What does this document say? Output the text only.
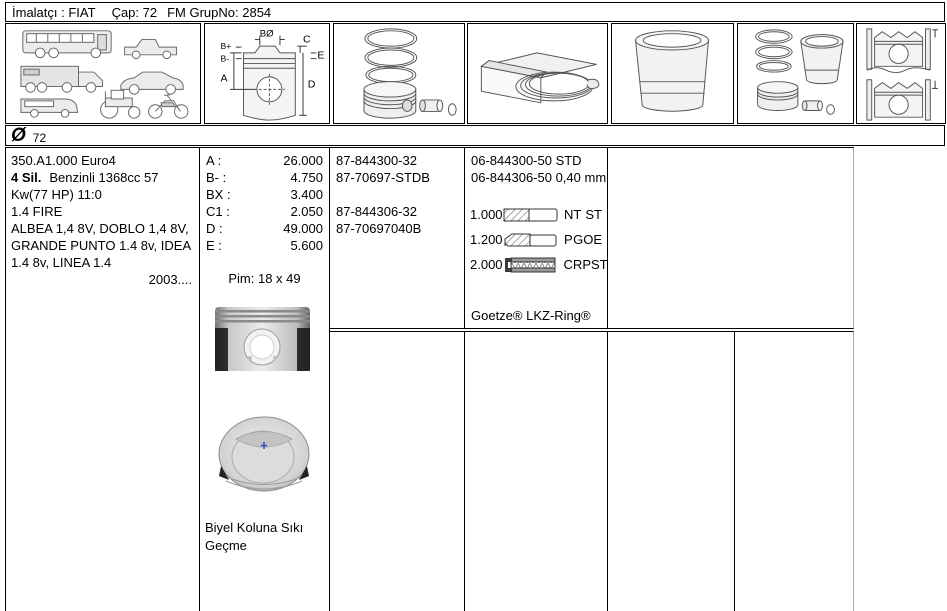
İmalatçı : FIAT Çap: 72 FM GrupNo: 2854
BØ
B+
B-
A
C
E
D
Ø 72
350.A1.000 Euro4
4 Sil. Benzinli 1368cc 57 Kw(77 HP) 11:0
1.4 FIRE
ALBEA 1,4 8V, DOBLO 1,4 8V, GRANDE PUNTO 1.4 8v, IDEA 1.4 8v, LINEA 1.4
2003....
A :	26.000
B- :	4.750
BX :	3.400
C1 :	2.050
D :	49.000
E :	5.600
Pim: 18 x 49
Biyel Koluna Sıkı Geçme
87-844300-32
87-70697-STDB
87-844306-32
87-70697040B
06-844300-50 STD
06-844306-50 0,40 mm
1.000	NT ST
1.200	P GOE
2.000	CRP ST
Goetze® LKZ-Ring®
